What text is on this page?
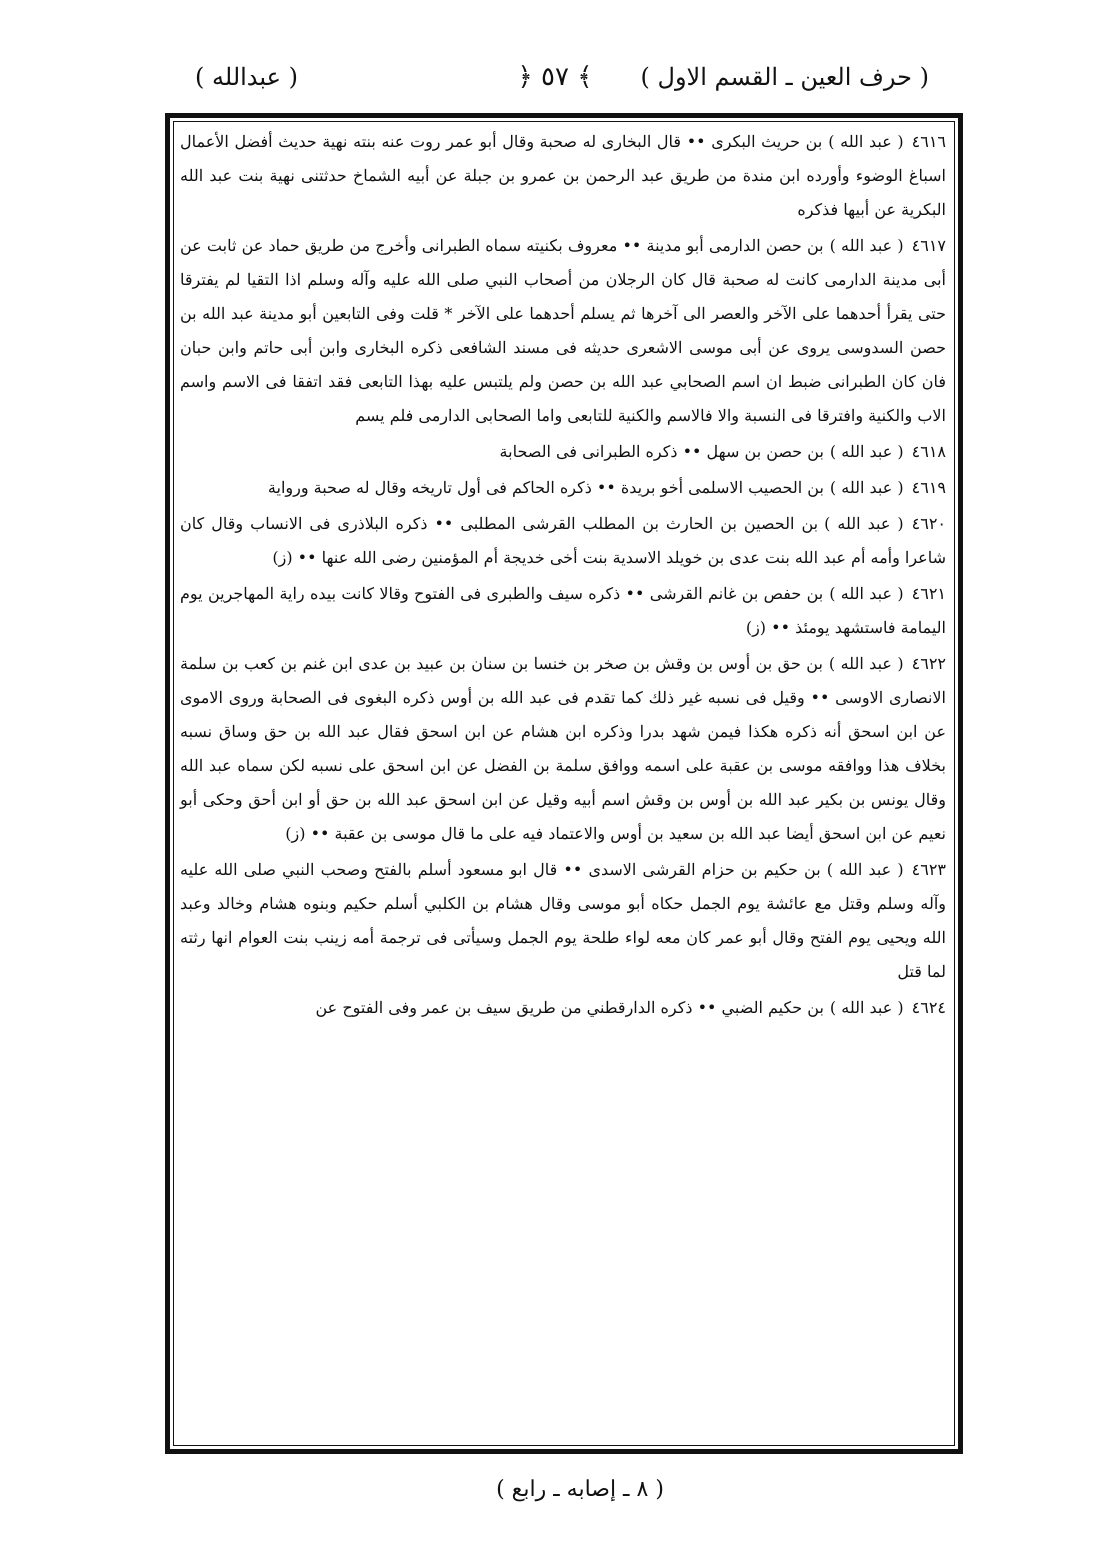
( حرف العين ـ القسم الاول )
﴿ ٥٧ ﴾
( عبدالله )

٤٦١٦( عبد الله )بن حريث البكرى •• قال البخارى له صحبة وقال أبو عمر روت عنه بنته نهية حديث أفضل الأعمال اسباغ الوضوء وأورده ابن مندة من طريق عبد الرحمن بن عمرو بن جبلة عن أبيه الشماخ حدثتنى نهية بنت عبد الله البكرية عن أبيها فذكره

٤٦١٧( عبد الله )بن حصن الدارمى أبو مدينة •• معروف بكنيته سماه الطبرانى وأخرج من طريق حماد عن ثابت عن أبى مدينة الدارمى كانت له صحبة قال كان الرجلان من أصحاب النبي صلى الله عليه وآله وسلم اذا التقيا لم يفترقا حتى يقرأ أحدهما على الآخر والعصر الى آخرها ثم يسلم أحدهما على الآخر * قلت وفى التابعين أبو مدينة عبد الله بن حصن السدوسى يروى عن أبى موسى الاشعرى حديثه فى مسند الشافعى ذكره البخارى وابن أبى حاتم وابن حبان فان كان الطبرانى ضبط ان اسم الصحابي عبد الله بن حصن ولم يلتبس عليه بهذا التابعى فقد اتفقا فى الاسم واسم الاب والكنية وافترقا فى النسبة والا فالاسم والكنية للتابعى واما الصحابى الدارمى فلم يسم

٤٦١٨( عبد الله )بن حصن بن سهل •• ذكره الطبرانى فى الصحابة

٤٦١٩( عبد الله )بن الحصيب الاسلمى أخو بريدة •• ذكره الحاكم فى أول تاريخه وقال له صحبة ورواية

٤٦٢٠( عبد الله )بن الحصين بن الحارث بن المطلب القرشى المطلبى •• ذكره البلاذرى فى الانساب وقال كان شاعرا وأمه أم عبد الله بنت عدى بن خويلد الاسدية بنت أخى خديجة أم المؤمنين رضى الله عنها •• (ز)

٤٦٢١( عبد الله )بن حفص بن غانم القرشى •• ذكره سيف والطبرى فى الفتوح وقالا كانت بيده راية المهاجرين يوم اليمامة فاستشهد يومئذ •• (ز)

٤٦٢٢( عبد الله )بن حق بن أوس بن وقش بن صخر بن خنسا بن سنان بن عبيد بن عدى ابن غنم بن كعب بن سلمة الانصارى الاوسى •• وقيل فى نسبه غير ذلك كما تقدم فى عبد الله بن أوس ذكره البغوى فى الصحابة وروى الاموى عن ابن اسحق أنه ذكره هكذا فيمن شهد بدرا وذكره ابن هشام عن ابن اسحق فقال عبد الله بن حق وساق نسبه بخلاف هذا ووافقه موسى بن عقبة على اسمه ووافق سلمة بن الفضل عن ابن اسحق على نسبه لكن سماه عبد الله وقال يونس بن بكير عبد الله بن أوس بن وقش اسم أبيه وقيل عن ابن اسحق عبد الله بن حق أو ابن أحق وحكى أبو نعيم عن ابن اسحق أيضا عبد الله بن سعيد بن أوس والاعتماد فيه على ما قال موسى بن عقبة •• (ز)

٤٦٢٣( عبد الله )بن حكيم بن حزام القرشى الاسدى •• قال ابو مسعود أسلم بالفتح وصحب النبي صلى الله عليه وآله وسلم وقتل مع عائشة يوم الجمل حكاه أبو موسى وقال هشام بن الكلبي أسلم حكيم وبنوه هشام وخالد وعبد الله ويحيى يوم الفتح وقال أبو عمر كان معه لواء طلحة يوم الجمل وسيأتى فى ترجمة أمه زينب بنت العوام انها رثته لما قتل

٤٦٢٤( عبد الله )بن حكيم الضبي •• ذكره الدارقطني من طريق سيف بن عمر وفى الفتوح عن

( ٨ ـ إصابه ـ رابع )
